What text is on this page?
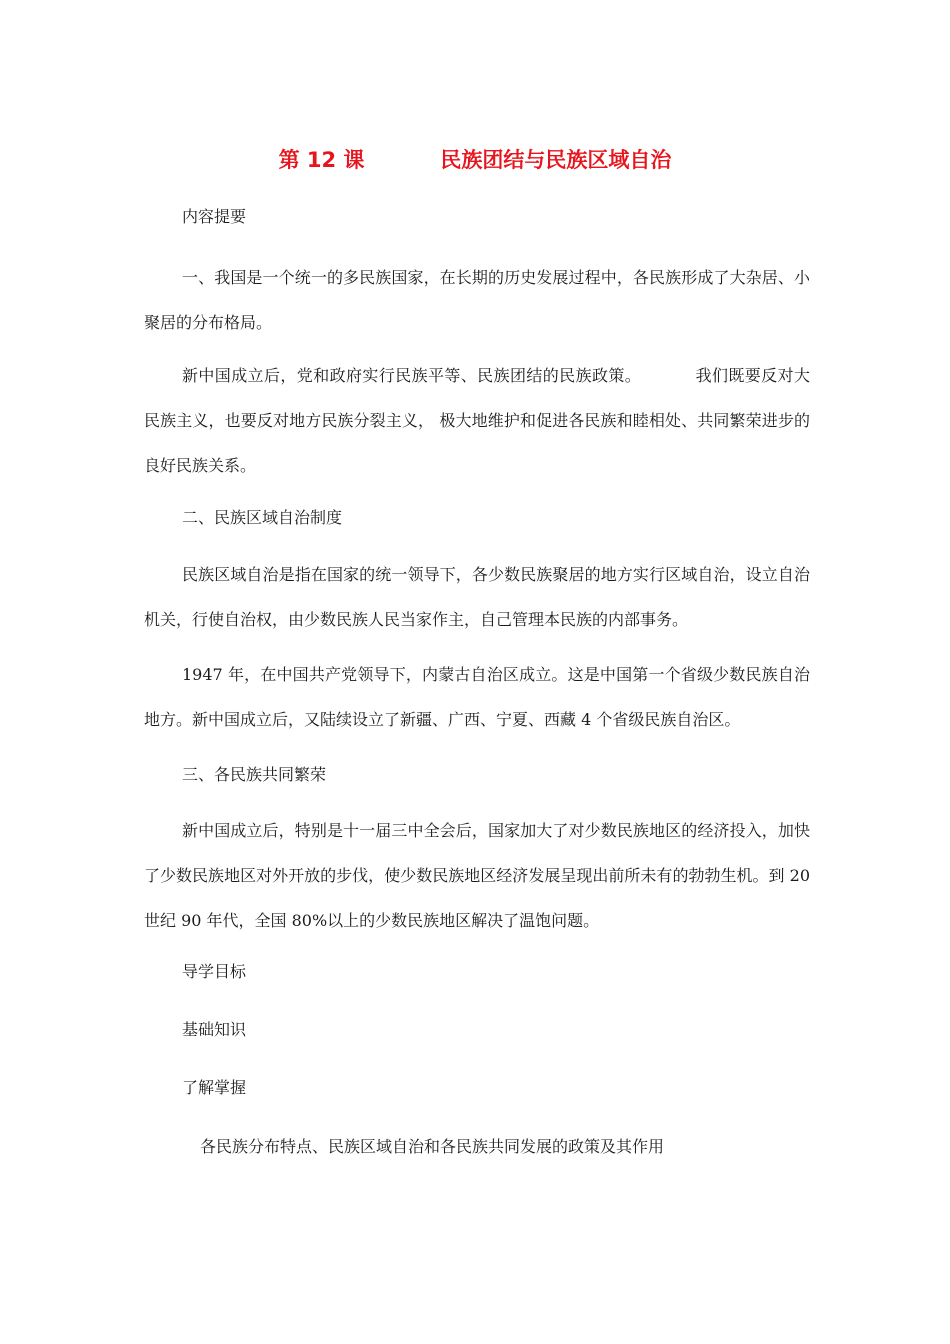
第 12 课	民族团结与民族区域自治
内容提要
一、我国是一个统一的多民族国家，在长期的历史发展过程中，各民族形成了大杂居、小聚居的分布格局。
新中国成立后，党和政府实行民族平等、民族团结的民族政策。	我们既要反对大民族主义，也要反对地方民族分裂主义， 极大地维护和促进各民族和睦相处、共同繁荣进步的良好民族关系。
二、民族区域自治制度
民族区域自治是指在国家的统一领导下，各少数民族聚居的地方实行区域自治，设立自治机关，行使自治权，由少数民族人民当家作主，自己管理本民族的内部事务。
1947 年，在中国共产党领导下，内蒙古自治区成立。这是中国第一个省级少数民族自治地方。新中国成立后，又陆续设立了新疆、广西、宁夏、西藏 4 个省级民族自治区。
三、各民族共同繁荣
新中国成立后，特别是十一届三中全会后，国家加大了对少数民族地区的经济投入，加快了少数民族地区对外开放的步伐，使少数民族地区经济发展呈现出前所未有的勃勃生机。到 20 世纪 90 年代，全国 80%以上的少数民族地区解决了温饱问题。
导学目标
基础知识
了解掌握
各民族分布特点、民族区域自治和各民族共同发展的政策及其作用
